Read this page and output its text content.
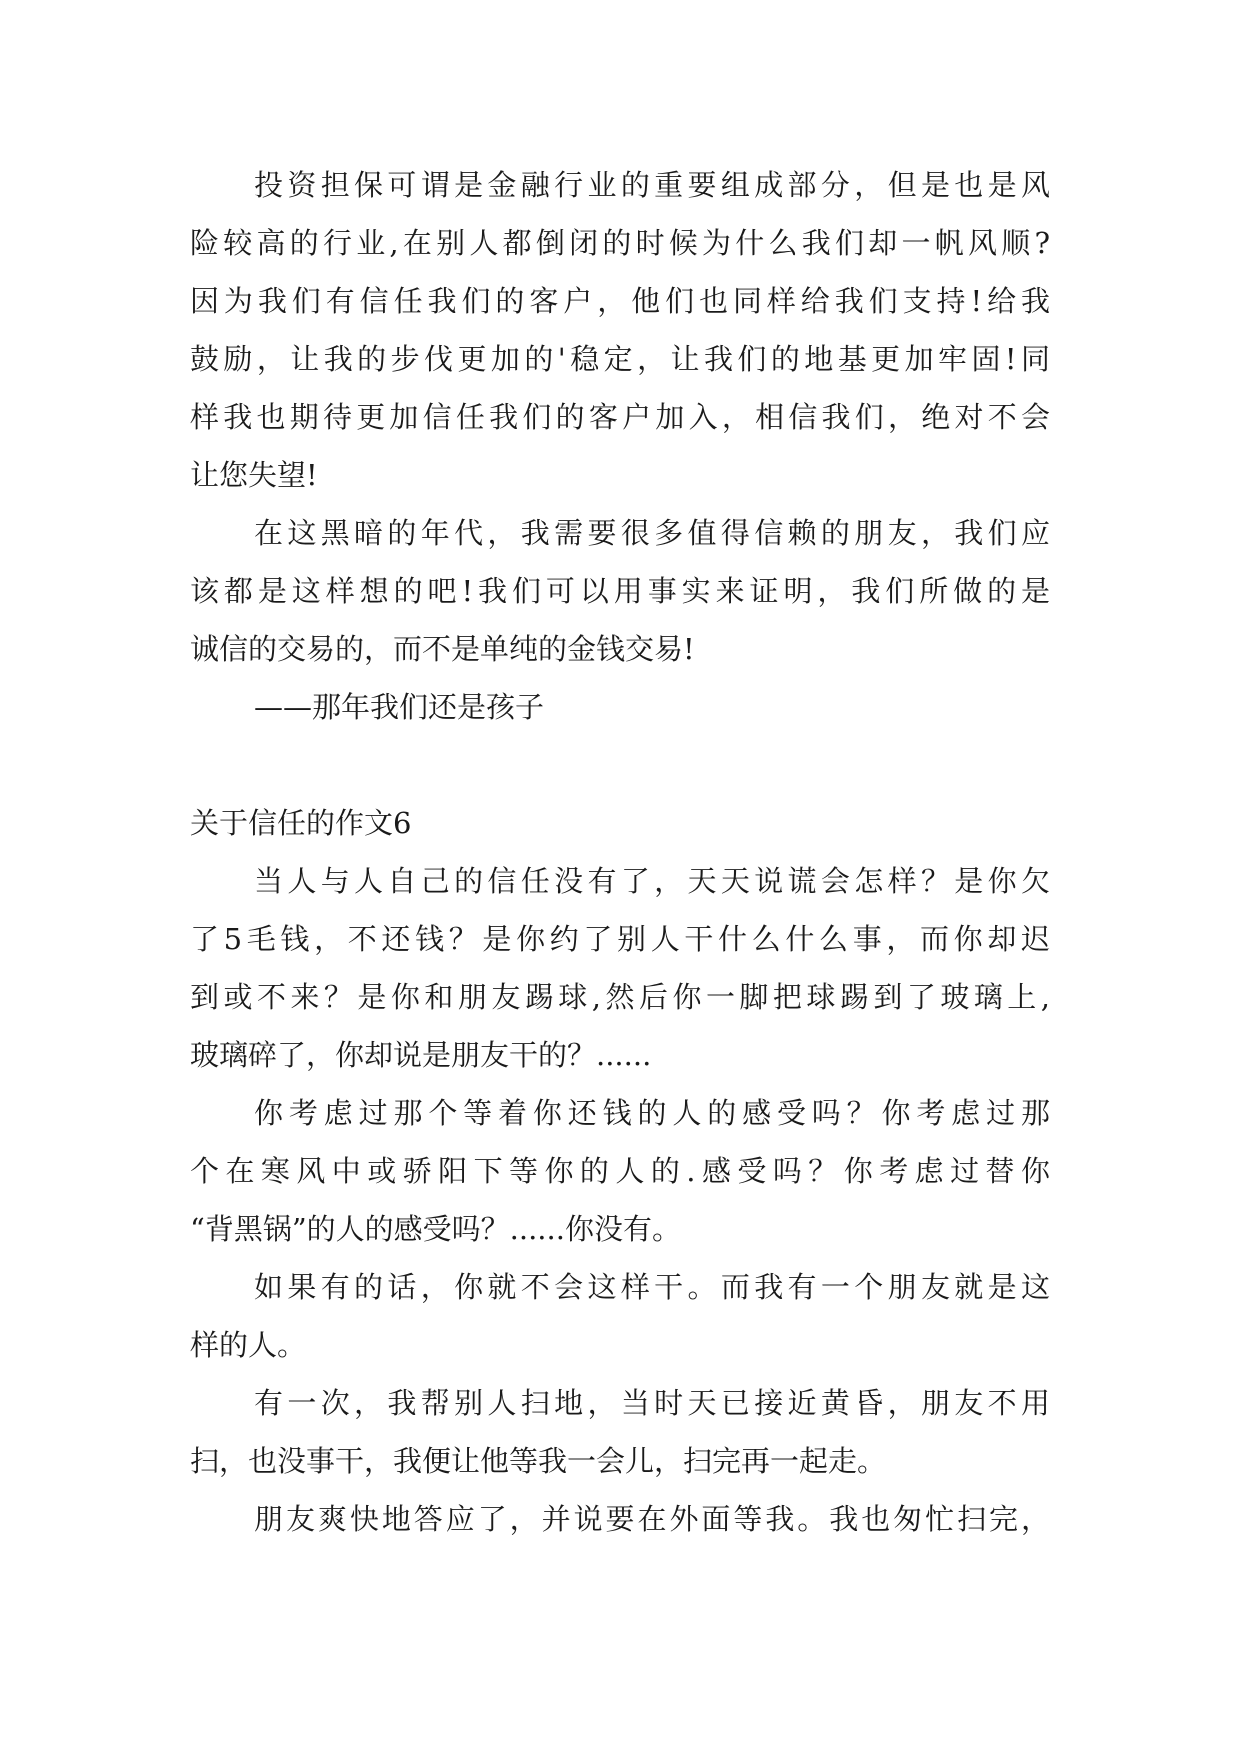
投资担保可谓是金融行业的重要组成部分，但是也是风
险较高的行业,在别人都倒闭的时候为什么我们却一帆风顺?
因为我们有信任我们的客户，他们也同样给我们支持!给我
鼓励，让我的步伐更加的'稳定，让我们的地基更加牢固!同
样我也期待更加信任我们的客户加入，相信我们，绝对不会
让您失望!
在这黑暗的年代，我需要很多值得信赖的朋友，我们应
该都是这样想的吧!我们可以用事实来证明，我们所做的是
诚信的交易的，而不是单纯的金钱交易!
——那年我们还是孩子
关于信任的作文6
当人与人自己的信任没有了，天天说谎会怎样？是你欠
了5毛钱，不还钱？是你约了别人干什么什么事，而你却迟
到或不来？是你和朋友踢球,然后你一脚把球踢到了玻璃上,
玻璃碎了，你却说是朋友干的？......
你考虑过那个等着你还钱的人的感受吗？你考虑过那
个在寒风中或骄阳下等你的人的.感受吗？你考虑过替你
“背黑锅”的人的感受吗？......你没有。
如果有的话，你就不会这样干。而我有一个朋友就是这
样的人。
有一次，我帮别人扫地，当时天已接近黄昏，朋友不用
扫，也没事干，我便让他等我一会儿，扫完再一起走。
朋友爽快地答应了，并说要在外面等我。我也匆忙扫完，
